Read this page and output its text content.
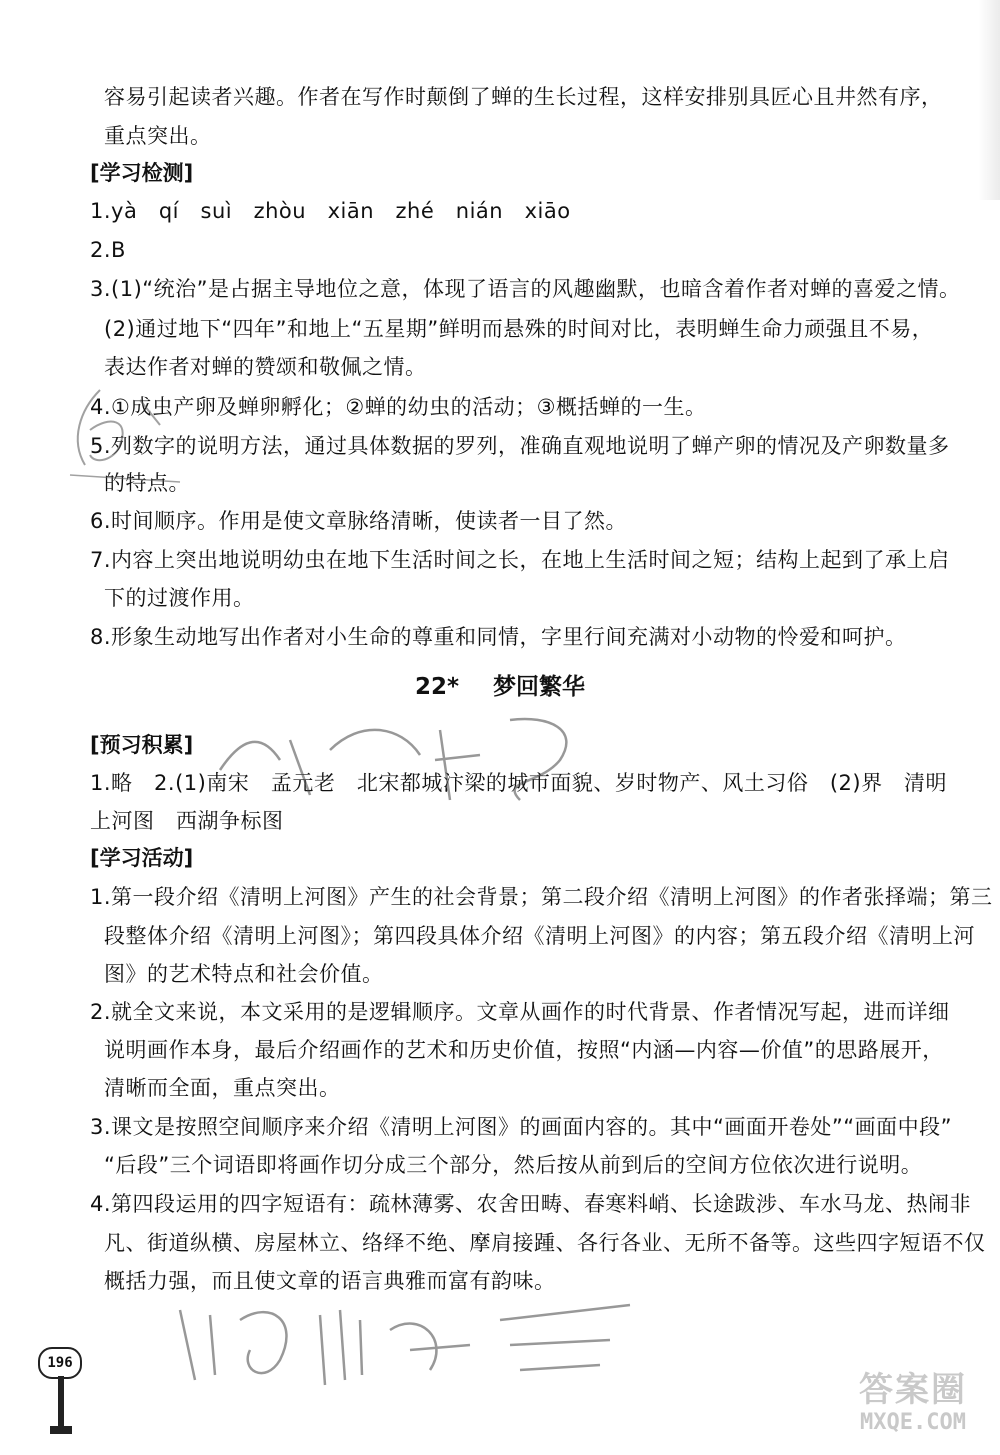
容易引起读者兴趣。作者在写作时颠倒了蝉的生长过程，这样安排别具匠心且井然有序，
重点突出。
[学习检测]
1.yà　qí　suì　zhòu　xiān　zhé　nián　xiāo
2.B
3.(1)“统治”是占据主导地位之意，体现了语言的风趣幽默，也暗含着作者对蝉的喜爱之情。
(2)通过地下“四年”和地上“五星期”鲜明而悬殊的时间对比，表明蝉生命力顽强且不易，
表达作者对蝉的赞颂和敬佩之情。
4.①成虫产卵及蝉卵孵化；②蝉的幼虫的活动；③概括蝉的一生。
5.列数字的说明方法，通过具体数据的罗列，准确直观地说明了蝉产卵的情况及产卵数量多
的特点。
6.时间顺序。作用是使文章脉络清晰，使读者一目了然。
7.内容上突出地说明幼虫在地下生活时间之长，在地上生活时间之短；结构上起到了承上启
下的过渡作用。
8.形象生动地写出作者对小生命的尊重和同情，字里行间充满对小动物的怜爱和呵护。
22* 梦回繁华
[预习积累]
1.略　2.(1)南宋　孟元老　北宋都城汴梁的城市面貌、岁时物产、风土习俗　(2)界　清明
上河图　西湖争标图
[学习活动]
1.第一段介绍《清明上河图》产生的社会背景；第二段介绍《清明上河图》的作者张择端；第三
段整体介绍《清明上河图》；第四段具体介绍《清明上河图》的内容；第五段介绍《清明上河
图》的艺术特点和社会价值。
2.就全文来说，本文采用的是逻辑顺序。文章从画作的时代背景、作者情况写起，进而详细
说明画作本身，最后介绍画作的艺术和历史价值，按照“内涵—内容—价值”的思路展开，
清晰而全面，重点突出。
3.课文是按照空间顺序来介绍《清明上河图》的画面内容的。其中“画面开卷处”“画面中段”
“后段”三个词语即将画作切分成三个部分，然后按从前到后的空间方位依次进行说明。
4.第四段运用的四字短语有：疏林薄雾、农舍田畴、春寒料峭、长途跋涉、车水马龙、热闹非
凡、街道纵横、房屋林立、络绎不绝、摩肩接踵、各行各业、无所不备等。这些四字短语不仅
概括力强，而且使文章的语言典雅而富有韵味。
196
答案圈
MXQE.COM
